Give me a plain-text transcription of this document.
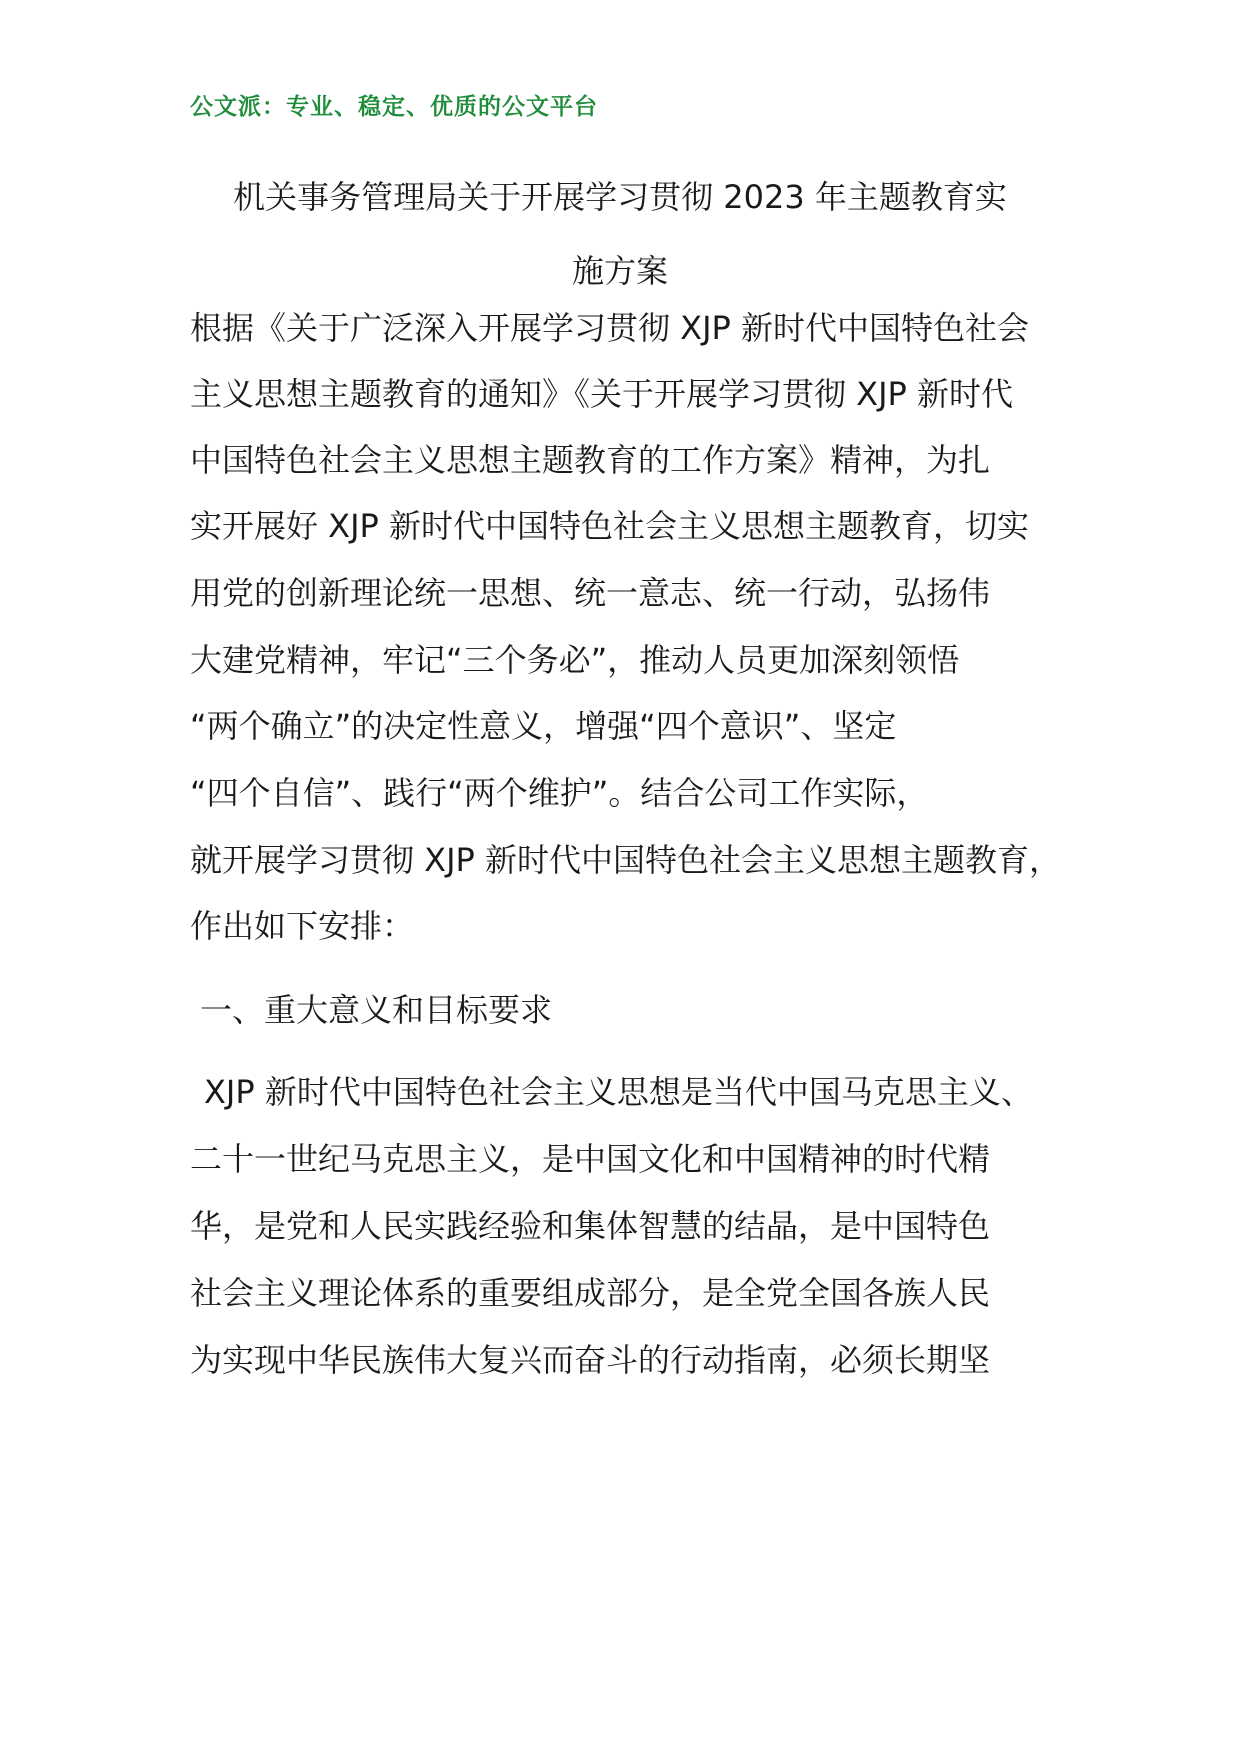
公文派：专业、稳定、优质的公文平台
机关事务管理局关于开展学习贯彻 2023 年主题教育实
施方案
根据《关于广泛深入开展学习贯彻 XJP 新时代中国特色社会
主义思想主题教育的通知》《关于开展学习贯彻 XJP 新时代
中国特色社会主义思想主题教育的工作方案》精神，为扎
实开展好 XJP 新时代中国特色社会主义思想主题教育，切实
用党的创新理论统一思想、统一意志、统一行动，弘扬伟
大建党精神，牢记“三个务必”，推动人员更加深刻领悟
“两个确立”的决定性意义，增强“四个意识”、坚定
“四个自信”、践行“两个维护”。结合公司工作实际，
就开展学习贯彻 XJP 新时代中国特色社会主义思想主题教育，
作出如下安排：
一、重大意义和目标要求
XJP 新时代中国特色社会主义思想是当代中国马克思主义、
二十一世纪马克思主义，是中国文化和中国精神的时代精
华，是党和人民实践经验和集体智慧的结晶，是中国特色
社会主义理论体系的重要组成部分，是全党全国各族人民
为实现中华民族伟大复兴而奋斗的行动指南，必须长期坚
